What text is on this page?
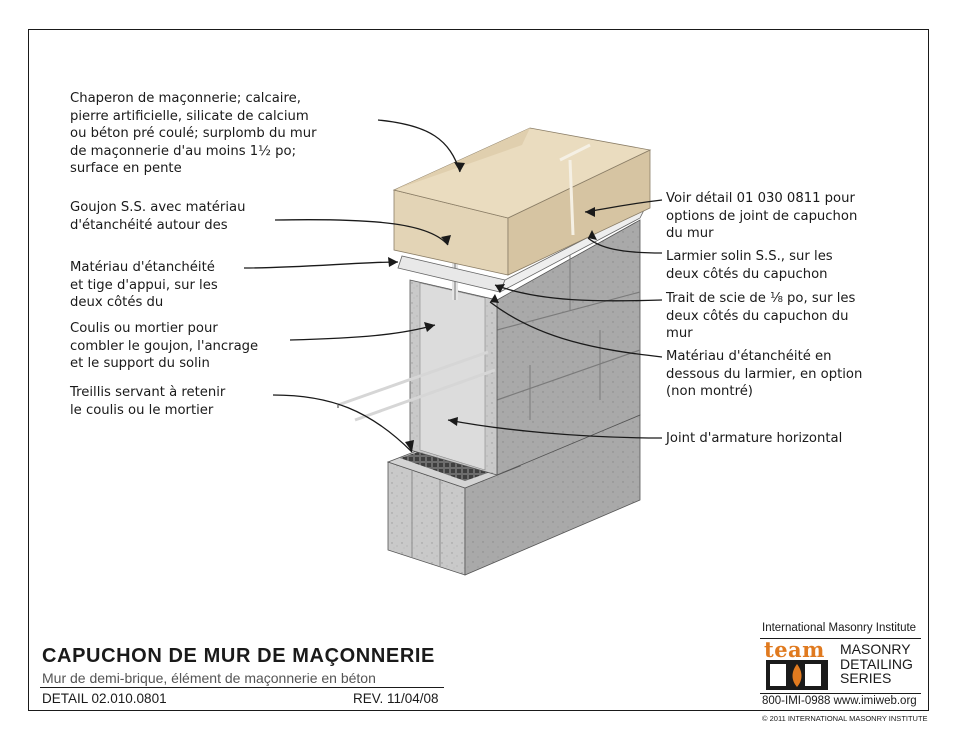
Chaperon de maçonnerie; calcaire,
pierre artificielle, silicate de calcium
ou béton pré coulé; surplomb du mur
de maçonnerie d'au moins 1½ po;
surface en pente
Goujon S.S. avec matériau
d'étanchéité autour des
Matériau d'étanchéité
et tige d'appui, sur les
deux côtés du
Coulis ou mortier pour
combler le goujon, l'ancrage
et le support du solin
Treillis servant à retenir
le coulis ou le mortier
Voir détail 01 030 0811 pour
options de joint de capuchon
du mur
Larmier solin S.S., sur les
deux côtés du capuchon
Trait de scie de ⅛ po, sur les
deux côtés du capuchon du
mur
Matériau d'étanchéité en
dessous du larmier, en option
(non montré)
Joint d'armature horizontal
CAPUCHON DE MUR DE MAÇONNERIE
Mur de demi-brique, élément de maçonnerie en béton
DETAIL 02.010.0801	REV. 11/04/08
International Masonry Institute
team MASONRY
DETAILING
SERIES
800-IMI-0988 www.imiweb.org
© 2011 INTERNATIONAL MASONRY INSTITUTE
